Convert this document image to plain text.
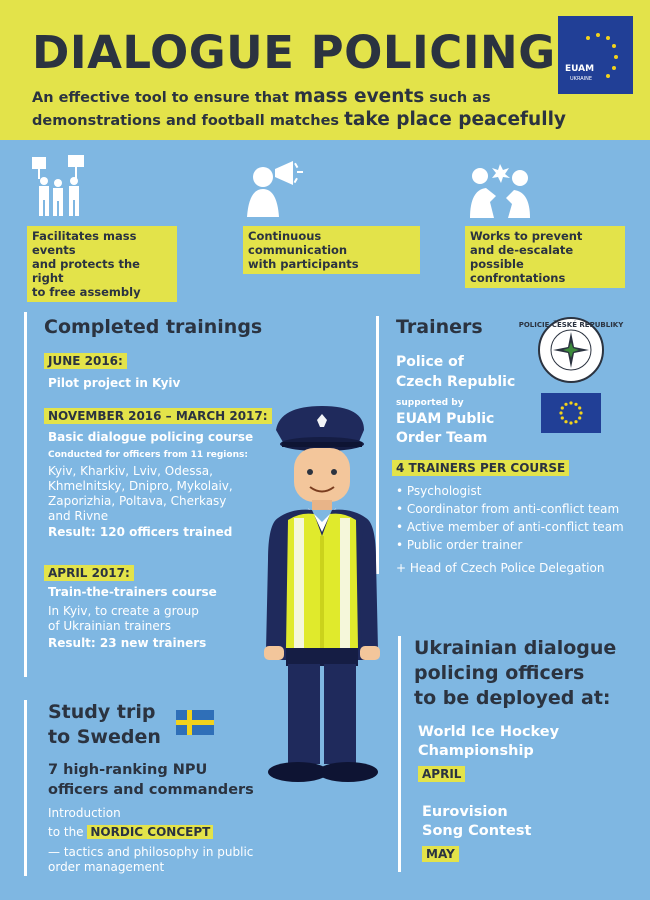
DIALOGUE POLICING
An effective tool to ensure that mass events such as demonstrations and football matches take place peacefully
EUAM
UKRAINE
Facilitates mass events
and protects the right
to free assembly
Continuous communication
with participants
Works to prevent
and de-escalate possible
confrontations
Completed trainings
JUNE 2016:
Pilot project in Kyiv
NOVEMBER 2016 – MARCH 2017:
Basic dialogue policing course
Conducted for officers from 11 regions:
Kyiv, Kharkiv, Lviv, Odessa,
Khmelnitsky, Dnipro, Mykolaiv,
Zaporizhia, Poltava, Cherkasy
and Rivne
Result: 120 officers trained
APRIL 2017:
Train-the-trainers course
In Kyiv, to create a group
of Ukrainian trainers
Result: 23 new trainers
Trainers	POLICIE ČESKÉ REPUBLIKY
Police of
Czech Republic
supported by
EUAM Public
Order Team
4 TRAINERS PER COURSE
• Psychologist
• Coordinator from anti-conflict team
• Active member of anti-conflict team
• Public order trainer
+ Head of Czech Police Delegation
Study trip
to Sweden
7 high-ranking NPU
officers and commanders
Introduction
to the NORDIC CONCEPT
— tactics and philosophy in public
order management
Ukrainian dialogue
policing officers
to be deployed at:
World Ice Hockey
Championship
APRIL
Eurovision
Song Contest
MAY
